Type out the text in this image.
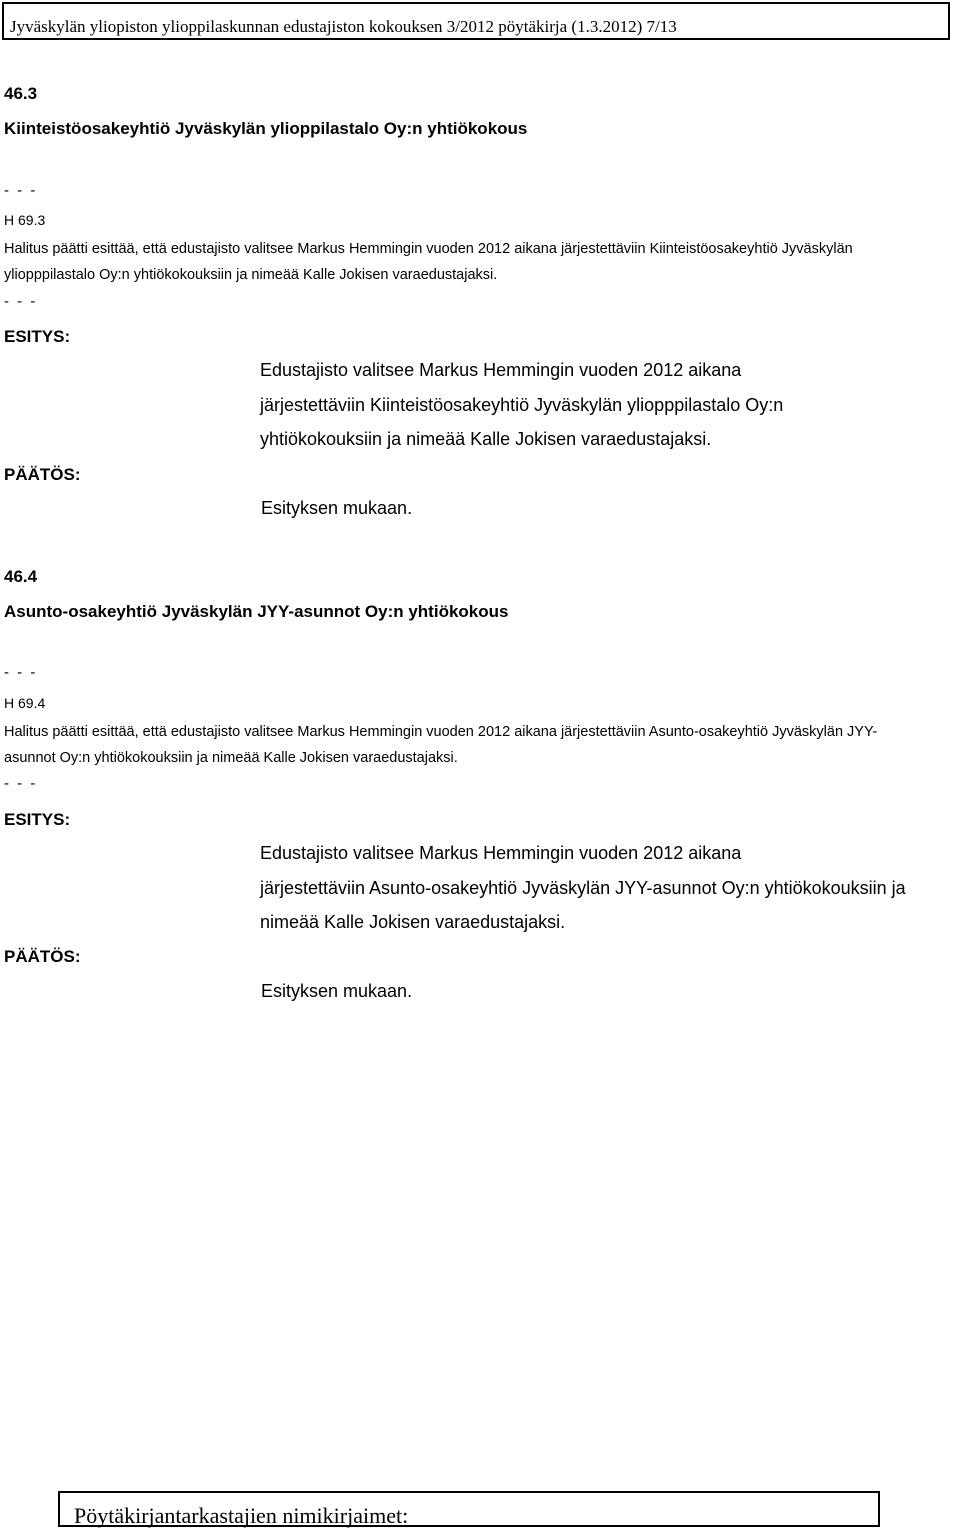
Jyväskylän yliopiston ylioppilaskunnan edustajiston kokouksen 3/2012 pöytäkirja (1.3.2012) 7/13
46.3
Kiinteistöosakeyhtiö Jyväskylän ylioppilastalo Oy:n yhtiökokous
- - -
H 69.3
Halitus päätti esittää, että edustajisto valitsee Markus Hemmingin vuoden 2012 aikana järjestettäviin Kiinteistöosakeyhtiö Jyväskylän
yliopppilastalo Oy:n yhtiökokouksiin ja nimeää Kalle Jokisen varaedustajaksi.
- - -
ESITYS:
Edustajisto valitsee Markus Hemmingin vuoden 2012 aikana
järjestettäviin Kiinteistöosakeyhtiö Jyväskylän yliopppilastalo Oy:n
yhtiökokouksiin ja nimeää Kalle Jokisen varaedustajaksi.
PÄÄTÖS:
Esityksen mukaan.
46.4
Asunto-osakeyhtiö Jyväskylän JYY-asunnot Oy:n yhtiökokous
- - -
H 69.4
Halitus päätti esittää, että edustajisto valitsee Markus Hemmingin vuoden 2012 aikana järjestettäviin Asunto-osakeyhtiö Jyväskylän JYY-
asunnot Oy:n yhtiökokouksiin ja nimeää Kalle Jokisen varaedustajaksi.
- - -
ESITYS:
Edustajisto valitsee Markus Hemmingin vuoden 2012 aikana
järjestettäviin Asunto-osakeyhtiö Jyväskylän JYY-asunnot Oy:n yhtiökokouksiin ja
nimeää Kalle Jokisen varaedustajaksi.
PÄÄTÖS:
Esityksen mukaan.
Pöytäkirjantarkastajien nimikirjaimet:
